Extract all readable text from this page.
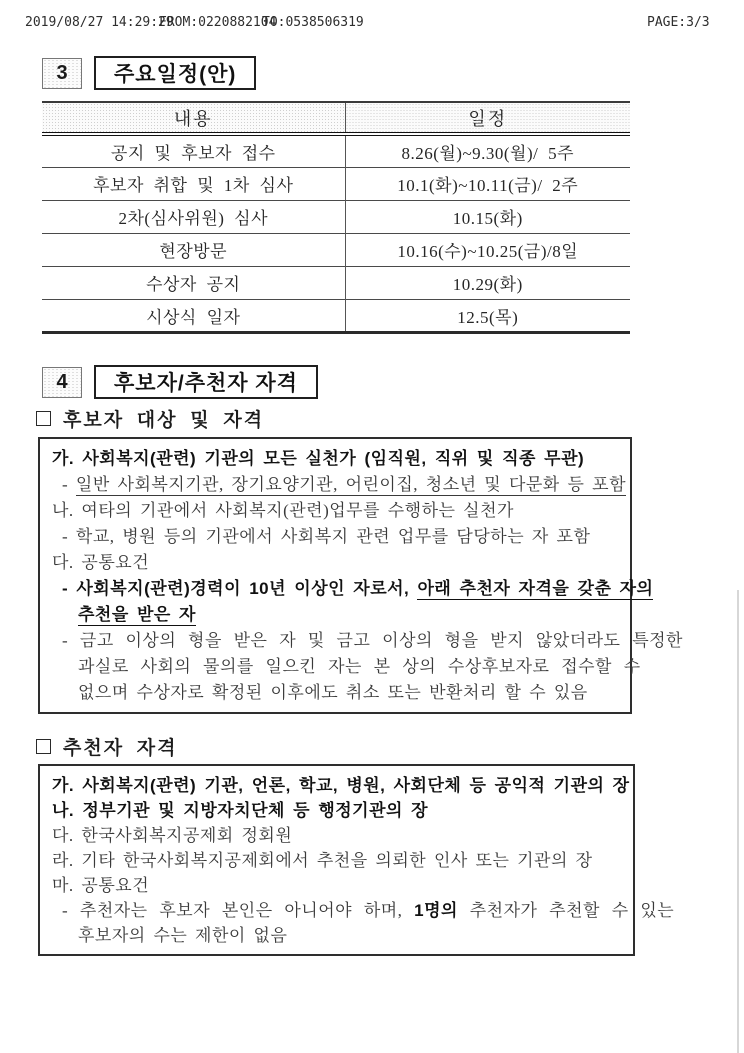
2019/08/27 14:29:29
FROM:0220882104
TO:0538506319	PAGE:3/3
3	주요일정(안)
내용	일정
공지 및 후보자 접수	8.26(월)~9.30(월)/ 5주
후보자 취합 및 1차 심사	10.1(화)~10.11(금)/ 2주
2차(심사위원) 심사	10.15(화)
현장방문	10.16(수)~10.25(금)/8일
수상자 공지	10.29(화)
시상식 일자	12.5(목)
4	후보자/추천자 자격
후보자 대상 및 자격
가. 사회복지(관련) 기관의 모든 실천가 (임직원, 직위 및 직종 무관)
- 일반 사회복지기관, 장기요양기관, 어린이집, 청소년 및 다문화 등 포함
나. 여타의 기관에서 사회복지(관련)업무를 수행하는 실천가
- 학교, 병원 등의 기관에서 사회복지 관련 업무를 담당하는 자 포함
다. 공통요건
- 사회복지(관련)경력이 10년 이상인 자로서, 아래 추천자 자격을 갖춘 자의
추천을 받은 자
- 금고 이상의 형을 받은 자 및 금고 이상의 형을 받지 않았더라도 특정한
과실로 사회의 물의를 일으킨 자는 본 상의 수상후보자로 접수할 수
없으며 수상자로 확정된 이후에도 취소 또는 반환처리 할 수 있음
추천자 자격
가. 사회복지(관련) 기관, 언론, 학교, 병원, 사회단체 등 공익적 기관의 장
나. 정부기관 및 지방자치단체 등 행정기관의 장
다. 한국사회복지공제회 정회원
라. 기타 한국사회복지공제회에서 추천을 의뢰한 인사 또는 기관의 장
마. 공통요건
- 추천자는 후보자 본인은 아니어야 하며, 1명의 추천자가 추천할 수 있는
후보자의 수는 제한이 없음
